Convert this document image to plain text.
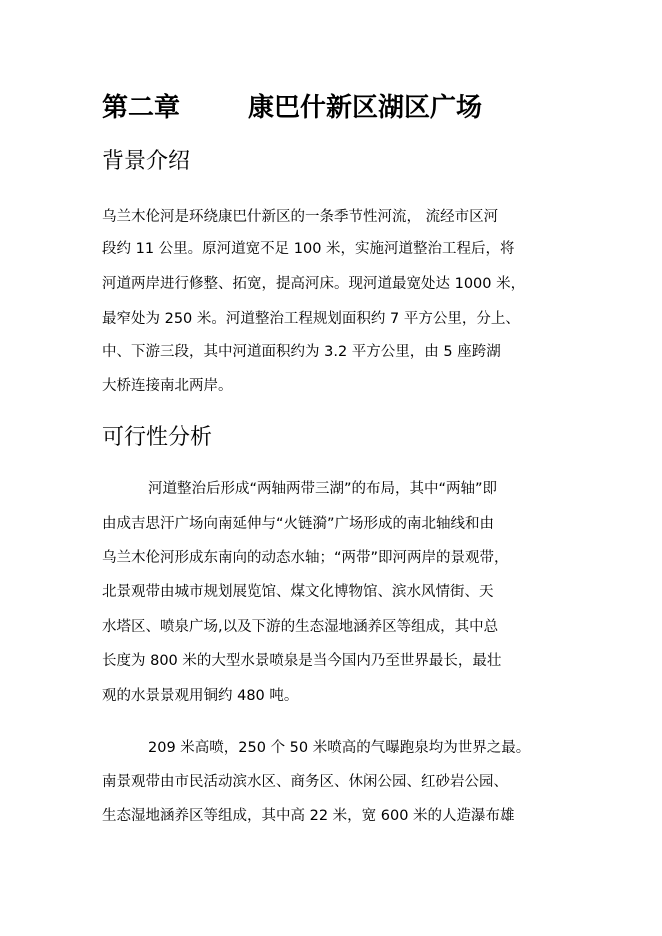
第二章	康巴什新区湖区广场
背景介绍
乌兰木伦河是环绕康巴什新区的一条季节性河流， 流经市区河
段约 11 公里。原河道宽不足 100 米，实施河道整治工程后，将
河道两岸进行修整、拓宽，提高河床。现河道最宽处达 1000 米，
最窄处为 250 米。河道整治工程规划面积约 7 平方公里，分上、
中、下游三段，其中河道面积约为 3.2 平方公里，由 5 座跨湖
大桥连接南北两岸。
可行性分析
河道整治后形成“两轴两带三湖”的布局，其中“两轴”即
由成吉思汗广场向南延伸与“火链漪”广场形成的南北轴线和由
乌兰木伦河形成东南向的动态水轴；“两带”即河两岸的景观带，
北景观带由城市规划展览馆、煤文化博物馆、滨水风情街、天
水塔区、喷泉广场,以及下游的生态湿地涵养区等组成，其中总
长度为 800 米的大型水景喷泉是当今国内乃至世界最长，最壮
观的水景景观用铜约 480 吨。
209 米高喷，250 个 50 米喷高的气曝跑泉均为世界之最。
南景观带由市民活动滨水区、商务区、休闲公园、红砂岩公园、
生态湿地涵养区等组成，其中高 22 米，宽 600 米的人造瀑布雄
